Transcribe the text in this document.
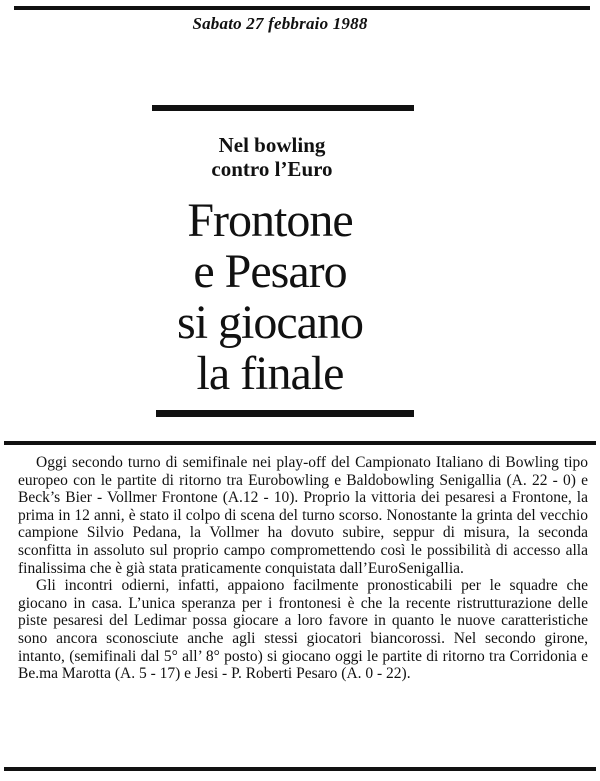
Sabato 27 febbraio 1988
Nel bowling
contro l’Euro
Frontone
e Pesaro
si giocano
la finale

Oggi secondo turno di semifinale nei play-off del Campionato Italiano di Bowling tipo europeo con le partite di ritorno tra Eurobowling e Baldobowling Senigallia (A. 22 - 0) e Beck’s Bier - Vollmer Frontone (A.12 - 10). Proprio la vittoria dei pesaresi a Frontone, la prima in 12 anni, è stato il colpo di scena del turno scorso. Nonostante la grinta del vecchio campione Silvio Pedana, la Vollmer ha dovuto subire, seppur di misura, la seconda sconfitta in assoluto sul proprio campo compromettendo così le possibilità di accesso alla finalissima che è già stata praticamente conquistata dall’EuroSenigallia.

Gli incontri odierni, infatti, appaiono facilmente pronosticabili per le squadre che giocano in casa. L’unica speranza per i frontonesi è che la recente ristrutturazione delle piste pesaresi del Ledimar possa giocare a loro favore in quanto le nuove caratteristiche sono ancora sconosciute anche agli stessi giocatori biancorossi. Nel secondo girone, intanto, (semifinali dal 5° all’ 8° posto) si giocano oggi le partite di ritorno tra Corridonia e Be.ma Marotta (A. 5 - 17) e Jesi - P. Roberti Pesaro (A. 0 - 22).
